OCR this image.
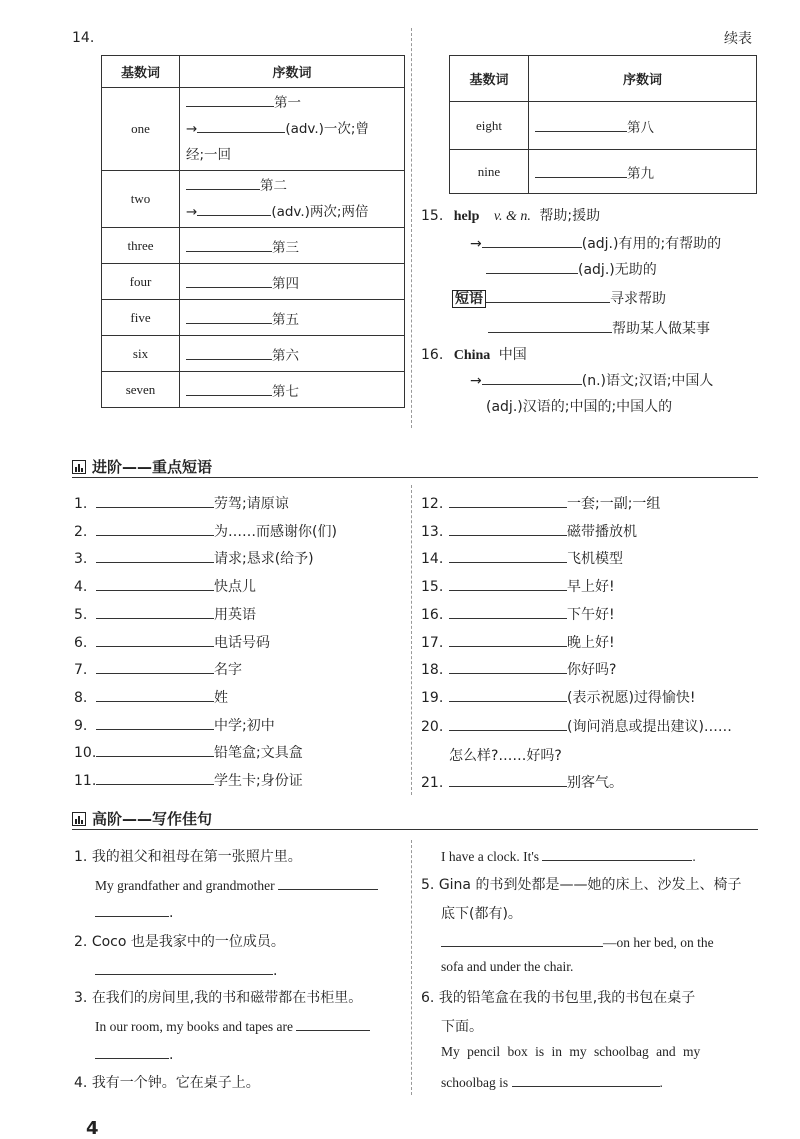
14.	续表
基数词	序数词
one	第一
→ (adv.)一次;曾
经;一回

two	第二
→ (adv.)两次;两倍

three	第三
four	第四
five	第五
six	第六
seven	第七
基数词	序数词
eight	第八
nine	第九
15. help v. & n. 帮助;援助
→	(adj.)有用的;有帮助的
(adj.)无助的
短语	寻求帮助
帮助某人做某事
16. China 中国
→	(n.)语文;汉语;中国人
(adj.)汉语的;中国的;中国人的
进阶——重点短语
1.	劳驾;请原谅
2.	为……而感谢你(们)
3.	请求;恳求(给予)
4.	快点儿
5.	用英语
6.	电话号码
7.	名字
8.	姓
9.	中学;初中
10.	铅笔盒;文具盒
11.	学生卡;身份证
12.	一套;一副;一组
13.	磁带播放机
14.	飞机模型
15.	早上好!
16.	下午好!
17.	晚上好!
18.	你好吗?
19.	(表示祝愿)过得愉快!
20.	(询问消息或提出建议)……
21.	别客气。
怎么样?……好吗?
高阶——写作佳句
1. 我的祖父和祖母在第一张照片里。
My grandfather and grandmother
.
2. Coco 也是我家中的一位成员。
.
3. 在我们的房间里,我的书和磁带都在书柜里。
In our room, my books and tapes are
.
4. 我有一个钟。它在桌子上。
I have a clock. It's	.
5. Gina 的书到处都是——她的床上、沙发上、椅子
底下(都有)。
—on her bed, on the
sofa and under the chair.
6. 我的铅笔盒在我的书包里,我的书包在桌子
下面。
My pencil box is in my schoolbag and my
schoolbag is	.
4
